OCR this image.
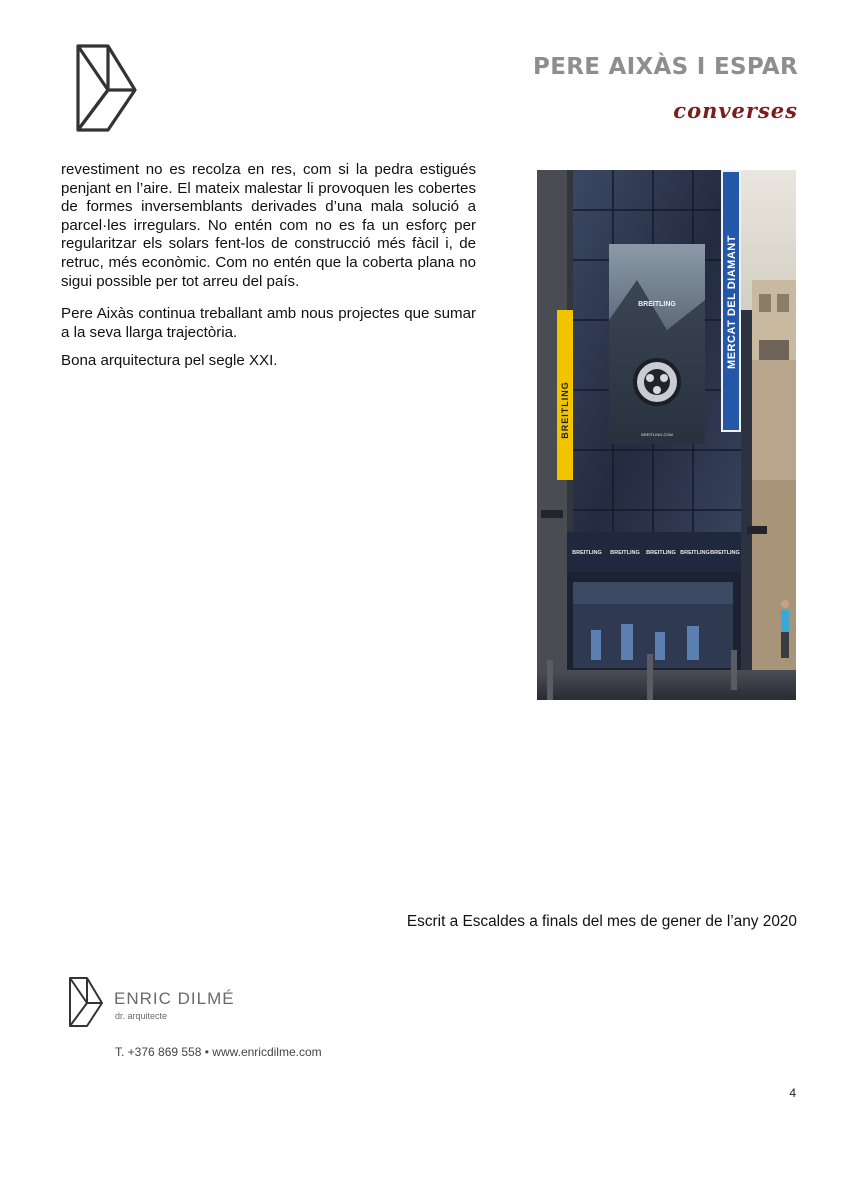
PERE AIXÀS I ESPAR
converses

revestiment no es recolza en res, com si la pedra estigués penjant en l’aire. El mateix malestar li provoquen les cobertes de formes inversemblants derivades d’una mala solució a parcel·les irregulars. No entén com no es fa un esforç per regularitzar els solars fent-los de construcció més fàcil i, de retruc, més econòmic. Com no entén que la coberta plana no sigui possible per tot arreu del país.

Pere Aixàs continua treballant amb nous projectes que sumar a la seva llarga trajectòria.

Bona arquitectura pel segle XXI.

BREITLING
BREITLING.COM
BREITLING
MERCAT DEL DIAMANT
BREITLING BREITLING BREITLING BREITLING BREITLING
Escrit a Escaldes a finals del mes de gener de l’any 2020
ENRIC DILMÉ
dr. arquitecte
T. +376 869 558 • www.enricdilme.com
4
